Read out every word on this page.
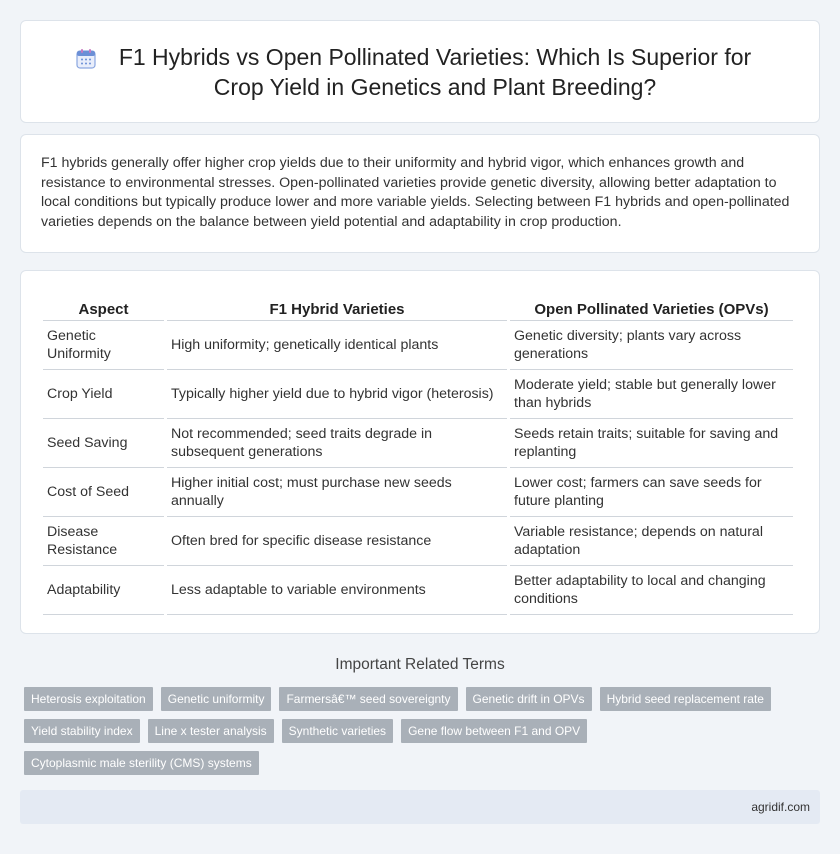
F1 Hybrids vs Open Pollinated Varieties: Which Is Superior for Crop Yield in Genetics and Plant Breeding?

F1 hybrids generally offer higher crop yields due to their uniformity and hybrid vigor, which enhances growth and resistance to environmental stresses. Open-pollinated varieties provide genetic diversity, allowing better adaptation to local conditions but typically produce lower and more variable yields. Selecting between F1 hybrids and open-pollinated varieties depends on the balance between yield potential and adaptability in crop production.

Aspect	F1 Hybrid Varieties	Open Pollinated Varieties (OPVs)
Genetic Uniformity	High uniformity; genetically identical plants	Genetic diversity; plants vary across generations
Crop Yield	Typically higher yield due to hybrid vigor (heterosis)	Moderate yield; stable but generally lower than hybrids
Seed Saving	Not recommended; seed traits degrade in subsequent generations	Seeds retain traits; suitable for saving and replanting
Cost of Seed	Higher initial cost; must purchase new seeds annually	Lower cost; farmers can save seeds for future planting
Disease Resistance	Often bred for specific disease resistance	Variable resistance; depends on natural adaptation
Adaptability	Less adaptable to variable environments	Better adaptability to local and changing conditions
Important Related Terms
Heterosis exploitation	Genetic uniformity	Farmersâ€™ seed sovereignty	Genetic drift in OPVs	Hybrid seed replacement rate
Yield stability index	Line x tester analysis	Synthetic varieties	Gene flow between F1 and OPV
Cytoplasmic male sterility (CMS) systems
agridif.com
